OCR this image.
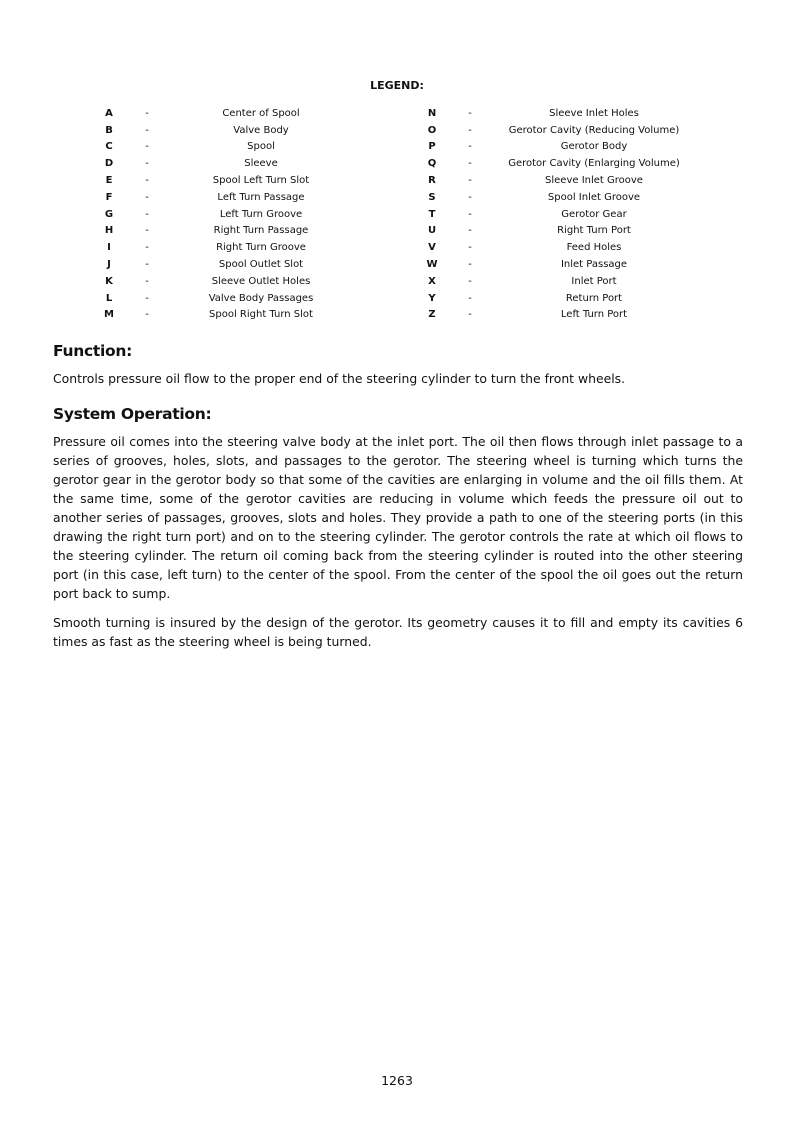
LEGEND:
A	-	Center of Spool
B	-	Valve Body
C	-	Spool
D	-	Sleeve
E	-	Spool Left Turn Slot
F	-	Left Turn Passage
G	-	Left Turn Groove
H	-	Right Turn Passage
I	-	Right Turn Groove
J	-	Spool Outlet Slot
K	-	Sleeve Outlet Holes
L	-	Valve Body Passages
M	-	Spool Right Turn Slot
N	-	Sleeve Inlet Holes
O	-	Gerotor Cavity (Reducing Volume)
P	-	Gerotor Body
Q	-	Gerotor Cavity (Enlarging Volume)
R	-	Sleeve Inlet Groove
S	-	Spool Inlet Groove
T	-	Gerotor Gear
U	-	Right Turn Port
V	-	Feed Holes
W	-	Inlet Passage
X	-	Inlet Port
Y	-	Return Port
Z	-	Left Turn Port
Function:

Controls pressure oil flow to the proper end of the steering cylinder to turn the front wheels.

System Operation:

Pressure oil comes into the steering valve body at the inlet port. The oil then flows through inlet passage to a series of grooves, holes, slots, and passages to the gerotor. The steering wheel is turning which turns the gerotor gear in the gerotor body so that some of the cavities are enlarging in volume and the oil fills them. At the same time, some of the gerotor cavities are reducing in volume which feeds the pressure oil out to another series of passages, grooves, slots and holes. They provide a path to one of the steering ports (in this drawing the right turn port) and on to the steering cylinder. The gerotor controls the rate at which oil flows to the steering cylinder. The return oil coming back from the steering cylinder is routed into the other steering port (in this case, left turn) to the center of the spool. From the center of the spool the oil goes out the return port back to sump.

Smooth turning is insured by the design of the gerotor. Its geometry causes it to fill and empty its cavities 6 times as fast as the steering wheel is being turned.

1263
